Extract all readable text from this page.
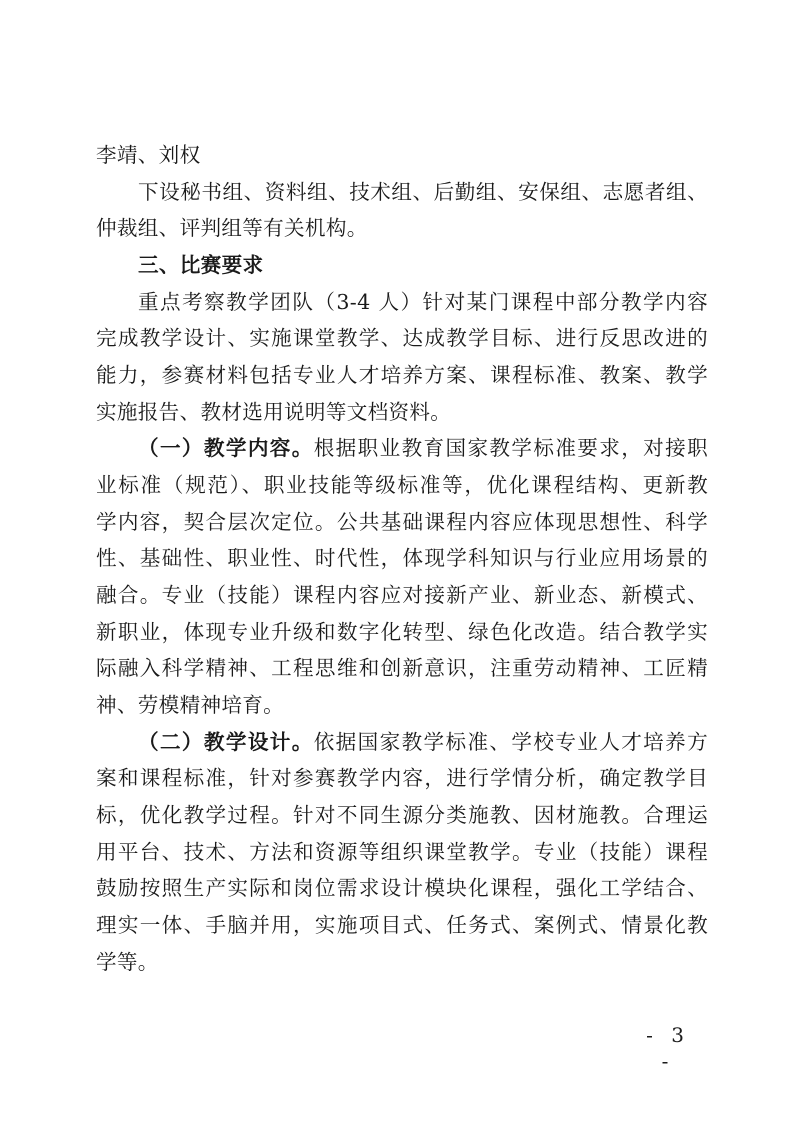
李靖、刘权
下设秘书组、资料组、技术组、后勤组、安保组、志愿者组、
仲裁组、评判组等有关机构。
三、比赛要求
重点考察教学团队（3-4 人）针对某门课程中部分教学内容
完成教学设计、实施课堂教学、达成教学目标、进行反思改进的
能力，参赛材料包括专业人才培养方案、课程标准、教案、教学
实施报告、教材选用说明等文档资料。
（一）教学内容。根据职业教育国家教学标准要求，对接职
业标准（规范）、职业技能等级标准等，优化课程结构、更新教
学内容，契合层次定位。公共基础课程内容应体现思想性、科学
性、基础性、职业性、时代性，体现学科知识与行业应用场景的
融合。专业（技能）课程内容应对接新产业、新业态、新模式、
新职业，体现专业升级和数字化转型、绿色化改造。结合教学实
际融入科学精神、工程思维和创新意识，注重劳动精神、工匠精
神、劳模精神培育。
（二）教学设计。依据国家教学标准、学校专业人才培养方
案和课程标准，针对参赛教学内容，进行学情分析，确定教学目
标，优化教学过程。针对不同生源分类施教、因材施教。合理运
用平台、技术、方法和资源等组织课堂教学。专业（技能）课程
鼓励按照生产实际和岗位需求设计模块化课程，强化工学结合、
理实一体、手脑并用，实施项目式、任务式、案例式、情景化教
学等。
- 3 -
